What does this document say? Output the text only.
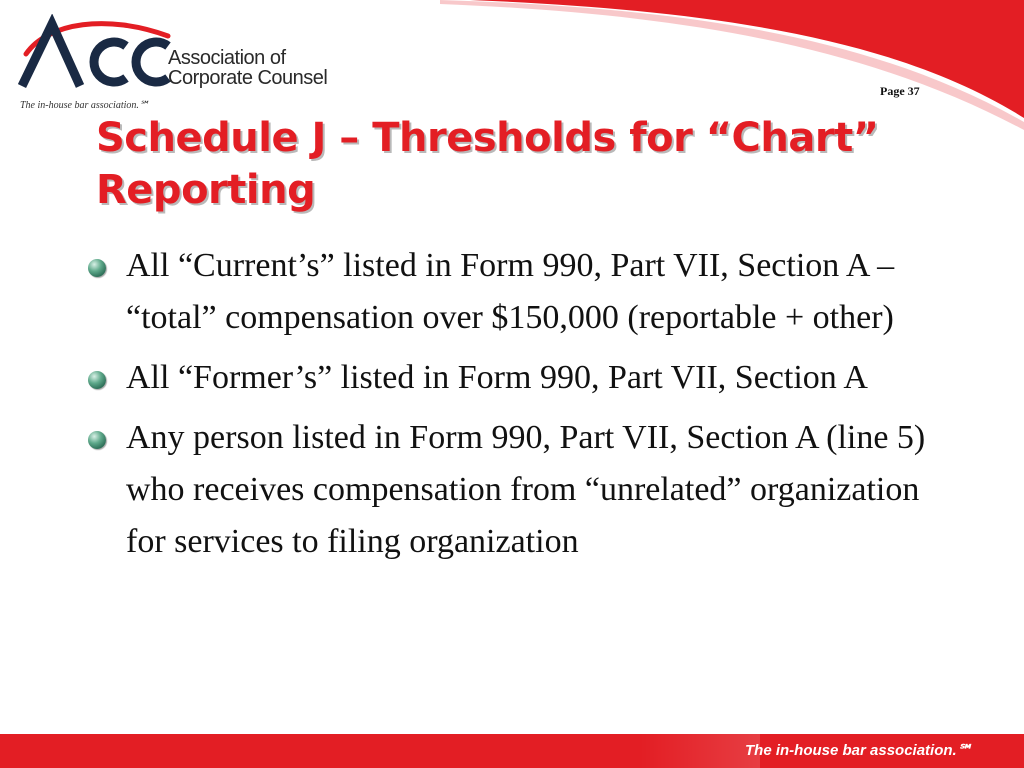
Association of
Corporate Counsel
The in-house bar association.℠
Page 37
Schedule J – Thresholds for “Chart” Reporting
All “Current’s” listed in Form 990, Part VII, Section A – “total” compensation over $150,000 (reportable + other)
All “Former’s” listed in Form 990, Part VII, Section A
Any person listed in Form 990, Part VII, Section A (line 5) who receives compensation from “unrelated” organization for services to filing organization
The in-house bar association.℠
